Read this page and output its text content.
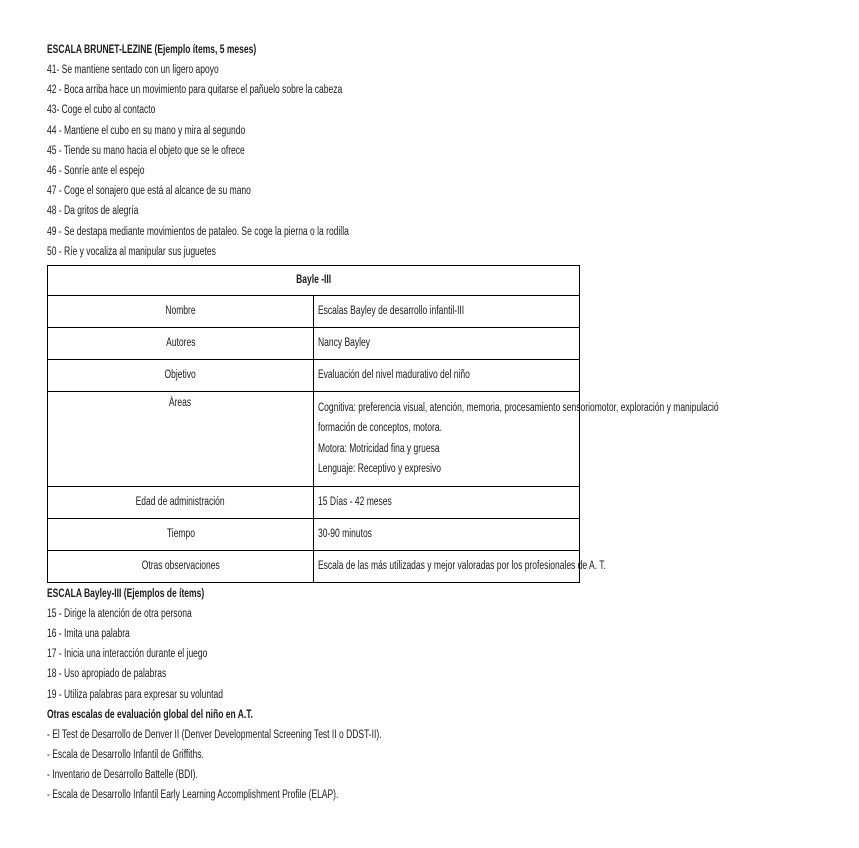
ESCALA BRUNET-LEZINE (Ejemplo ítems, 5 meses)
41- Se mantiene sentado con un ligero apoyo
42 - Boca arriba hace un movimiento para quitarse el pañuelo sobre la cabeza
43- Coge el cubo al contacto
44 - Mantiene el cubo en su mano y mira al segundo
45 - Tiende su mano hacia el objeto que se le ofrece
46 - Sonríe ante el espejo
47 - Coge el sonajero que está al alcance de su mano
48 - Da gritos de alegría
49 - Se destapa mediante movimientos de pataleo. Se coge la pierna o la rodilla
50 - Ríe y vocaliza al manipular sus juguetes
Bayle -III	
Nombre	Escalas Bayley de desarrollo infantil-III
Autores	Nancy Bayley
Objetivo	Evaluación del nivel madurativo del niño
Áreas	Cognitiva: preferencia visual, atención, memoria, procesamiento sensoriomotor, exploración y manipulació
formación de conceptos, motora.
Motora: Motricidad fina y gruesa
Lenguaje: Receptivo y expresivo

Edad de administración	15 Días - 42 meses
Tiempo	30-90 minutos
Otras observaciones	Escala de las más utilizadas y mejor valoradas por los profesionales de A. T.
ESCALA Bayley-III (Ejemplos de ítems)
15 - Dirige la atención de otra persona
16 - Imita una palabra
17 - Inicia una interacción durante el juego
18 - Uso apropiado de palabras
19 - Utiliza palabras para expresar su voluntad
Otras escalas de evaluación global del niño en A.T.
- El Test de Desarrollo de Denver II (Denver Developmental Screening Test II o DDST-II).
- Escala de Desarrollo Infantil de Griffiths.
- Inventario de Desarrollo Battelle (BDI).
- Escala de Desarrollo Infantil Early Learning Accomplishment Profile (ELAP).
